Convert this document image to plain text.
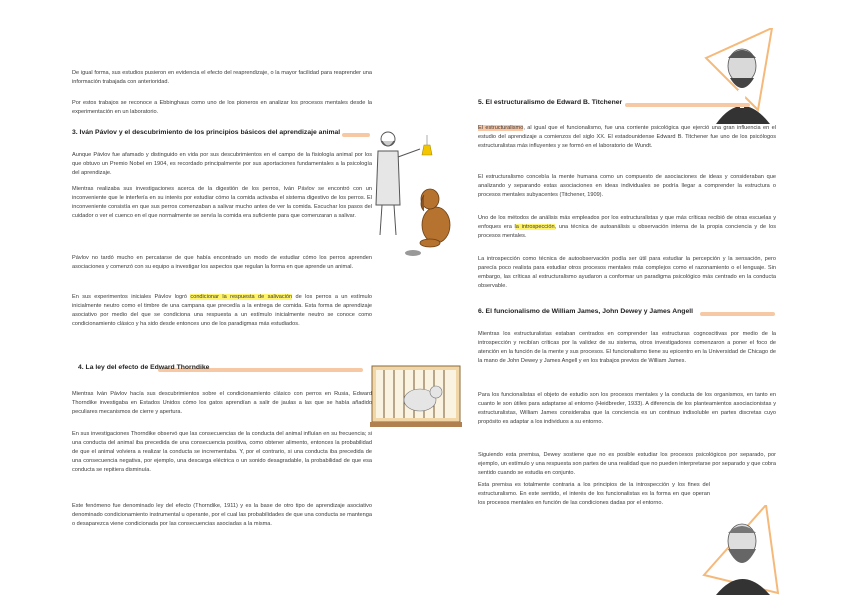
De igual forma, sus estudios pusieron en evidencia el efecto del reaprendizaje, o la mayor facilidad para reaprender una información trabajada con anterioridad.

Por estos trabajos se reconoce a Ebbinghaus como uno de los pioneros en analizar los procesos mentales desde la experimentación en un laboratorio.

3. Iván Pávlov y el descubrimiento de los principios básicos del aprendizaje animal

Aunque Pávlov fue afamado y distinguido en vida por sus descubrimientos en el campo de la fisiología animal por los que obtuvo un Premio Nobel en 1904, es recordado principalmente por sus aportaciones fundamentales a la psicología del aprendizaje.

Mientras realizaba sus investigaciones acerca de la digestión de los perros, Iván Pávlov se encontró con un inconveniente que le interfería en su interés por estudiar cómo la comida activaba el sistema digestivo de los perros. El inconveniente consistía en que sus perros comenzaban a salivar mucho antes de ver la comida. Escuchar los pasos del cuidador o ver el cuenco en el que normalmente se servía la comida era suficiente para que comenzaran a salivar.

Pávlov no tardó mucho en percatarse de que había encontrado un modo de estudiar cómo los perros aprenden asociaciones y comenzó con su equipo a investigar los aspectos que regulan la forma en que aprende un animal.

En sus experimentos iniciales Pávlov logró condicionar la respuesta de salivación de los perros a un estímulo inicialmente neutro como el timbre de una campana que precedía a la entrega de comida. Esta forma de aprendizaje asociativo por medio del que se condiciona una respuesta a un estímulo inicialmente neutro se conoce como condicionamiento clásico y ha sido desde entonces uno de los paradigmas más estudiados.

4. La ley del efecto de Edward Thorndike

Mientras Iván Pávlov hacía sus descubrimientos sobre el condicionamiento clásico con perros en Rusia, Edward Thorndike investigaba en Estados Unidos cómo los gatos aprendían a salir de jaulas a las que se había añadido peculiares mecanismos de cierre y apertura.

En sus investigaciones Thorndike observó que las consecuencias de la conducta del animal influían en su frecuencia; si una conducta del animal iba precedida de una consecuencia positiva, como obtener alimento, entonces la probabilidad de que el animal volviera a realizar la conducta se incrementaba. Y, por el contrario, si una conducta iba precedida de una consecuencia negativa, por ejemplo, una descarga eléctrica o un sonido desagradable, la probabilidad de que esa conducta se repitiera disminuía.

Este fenómeno fue denominado ley del efecto (Thorndike, 1911) y es la base de otro tipo de aprendizaje asociativo denominado condicionamiento instrumental u operante, por el cual las probabilidades de que una conducta se mantenga o desaparezca viene condicionada por las consecuencias asociadas a la misma.

5. El estructuralismo de Edward B. Titchener

El estructuralismo, al igual que el funcionalismo, fue una corriente psicológica que ejerció una gran influencia en el estudio del aprendizaje a comienzos del siglo XX. El estadounidense Edward B. Titchener fue uno de los psicólogos estructuralistas más influyentes y se formó en el laboratorio de Wundt.

El estructuralismo concebía la mente humana como un compuesto de asociaciones de ideas y consideraban que analizando y separando estas asociaciones en ideas individuales se podría llegar a comprender la estructura o procesos mentales subyacentes (Titchener, 1909).

Uno de los métodos de análisis más empleados por los estructuralistas y que más críticas recibió de otras escuelas y enfoques era la introspección, una técnica de autoanálisis u observación interna de la propia conciencia y de los procesos mentales.

La introspección como técnica de autoobservación podía ser útil para estudiar la percepción y la sensación, pero parecía poco realista para estudiar otros procesos mentales más complejos como el razonamiento o el lenguaje. Sin embargo, las críticas al estructuralismo ayudaron a conformar un paradigma psicológico más centrado en la conducta observable.

6. El funcionalismo de William James, John Dewey y James Angell

Mientras los estructuralistas estaban centrados en comprender las estructuras cognoscitivas por medio de la introspección y recibían críticas por la validez de su sistema, otros investigadores comenzaron a poner el foco de atención en la función de la mente y sus procesos. El funcionalismo tiene su epicentro en la Universidad de Chicago de la mano de John Dewey y James Angell y en los trabajos previos de William James.

Para los funcionalistas el objeto de estudio son los procesos mentales y la conducta de los organismos, en tanto en cuanto le son útiles para adaptarse al entorno (Heidbreder, 1933). A diferencia de los planteamientos asociacionistas y estructuralistas, William James consideraba que la conciencia es un continuo indisoluble en partes discretas cuyo propósito es adaptar a los individuos a su entorno.

Siguiendo esta premisa, Dewey sostiene que no es posible estudiar los procesos psicológicos por separado, por ejemplo, un estímulo y una respuesta son partes de una realidad que no pueden interpretarse por separado y que cobra sentido cuando se estudia en conjunto.

Esta premisa es totalmente contraria a los principios de la introspección y los fines del estructuralismo. En este sentido, el interés de los funcionalistas es la forma en que operan los procesos mentales en función de las condiciones dadas por el entorno.
